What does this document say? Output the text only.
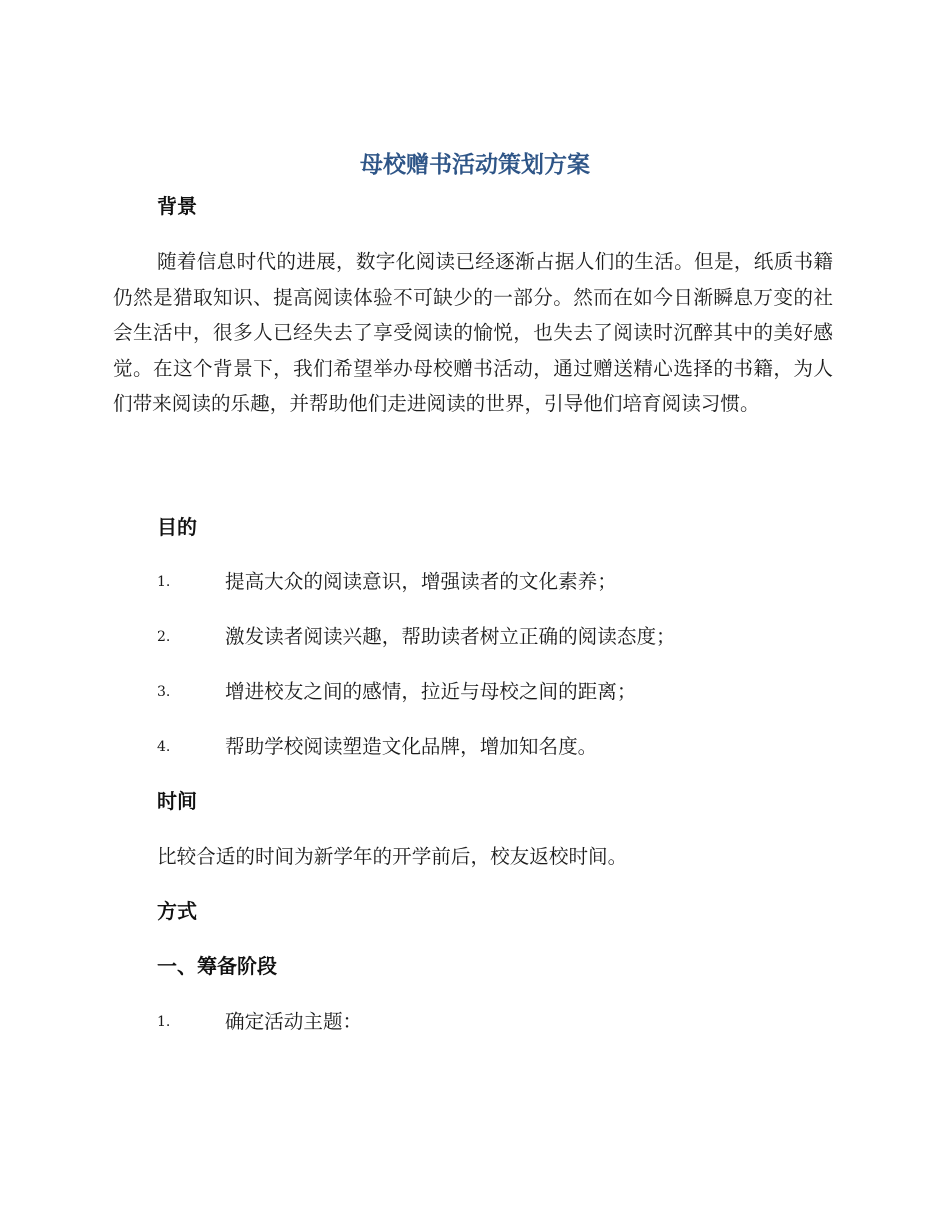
母校赠书活动策划方案
背景

随着信息时代的进展，数字化阅读已经逐渐占据人们的生活。但是，纸质书籍仍然是猎取知识、提高阅读体验不可缺少的一部分。然而在如今日渐瞬息万变的社会生活中，很多人已经失去了享受阅读的愉悦，也失去了阅读时沉醉其中的美好感觉。在这个背景下，我们希望举办母校赠书活动，通过赠送精心选择的书籍，为人们带来阅读的乐趣，并帮助他们走进阅读的世界，引导他们培育阅读习惯。

目的
1.	提高大众的阅读意识，增强读者的文化素养；
2.	激发读者阅读兴趣，帮助读者树立正确的阅读态度；
3.	增进校友之间的感情，拉近与母校之间的距离；
4.	帮助学校阅读塑造文化品牌，增加知名度。
时间
比较合适的时间为新学年的开学前后，校友返校时间。
方式
一、筹备阶段
1.	确定活动主题：
